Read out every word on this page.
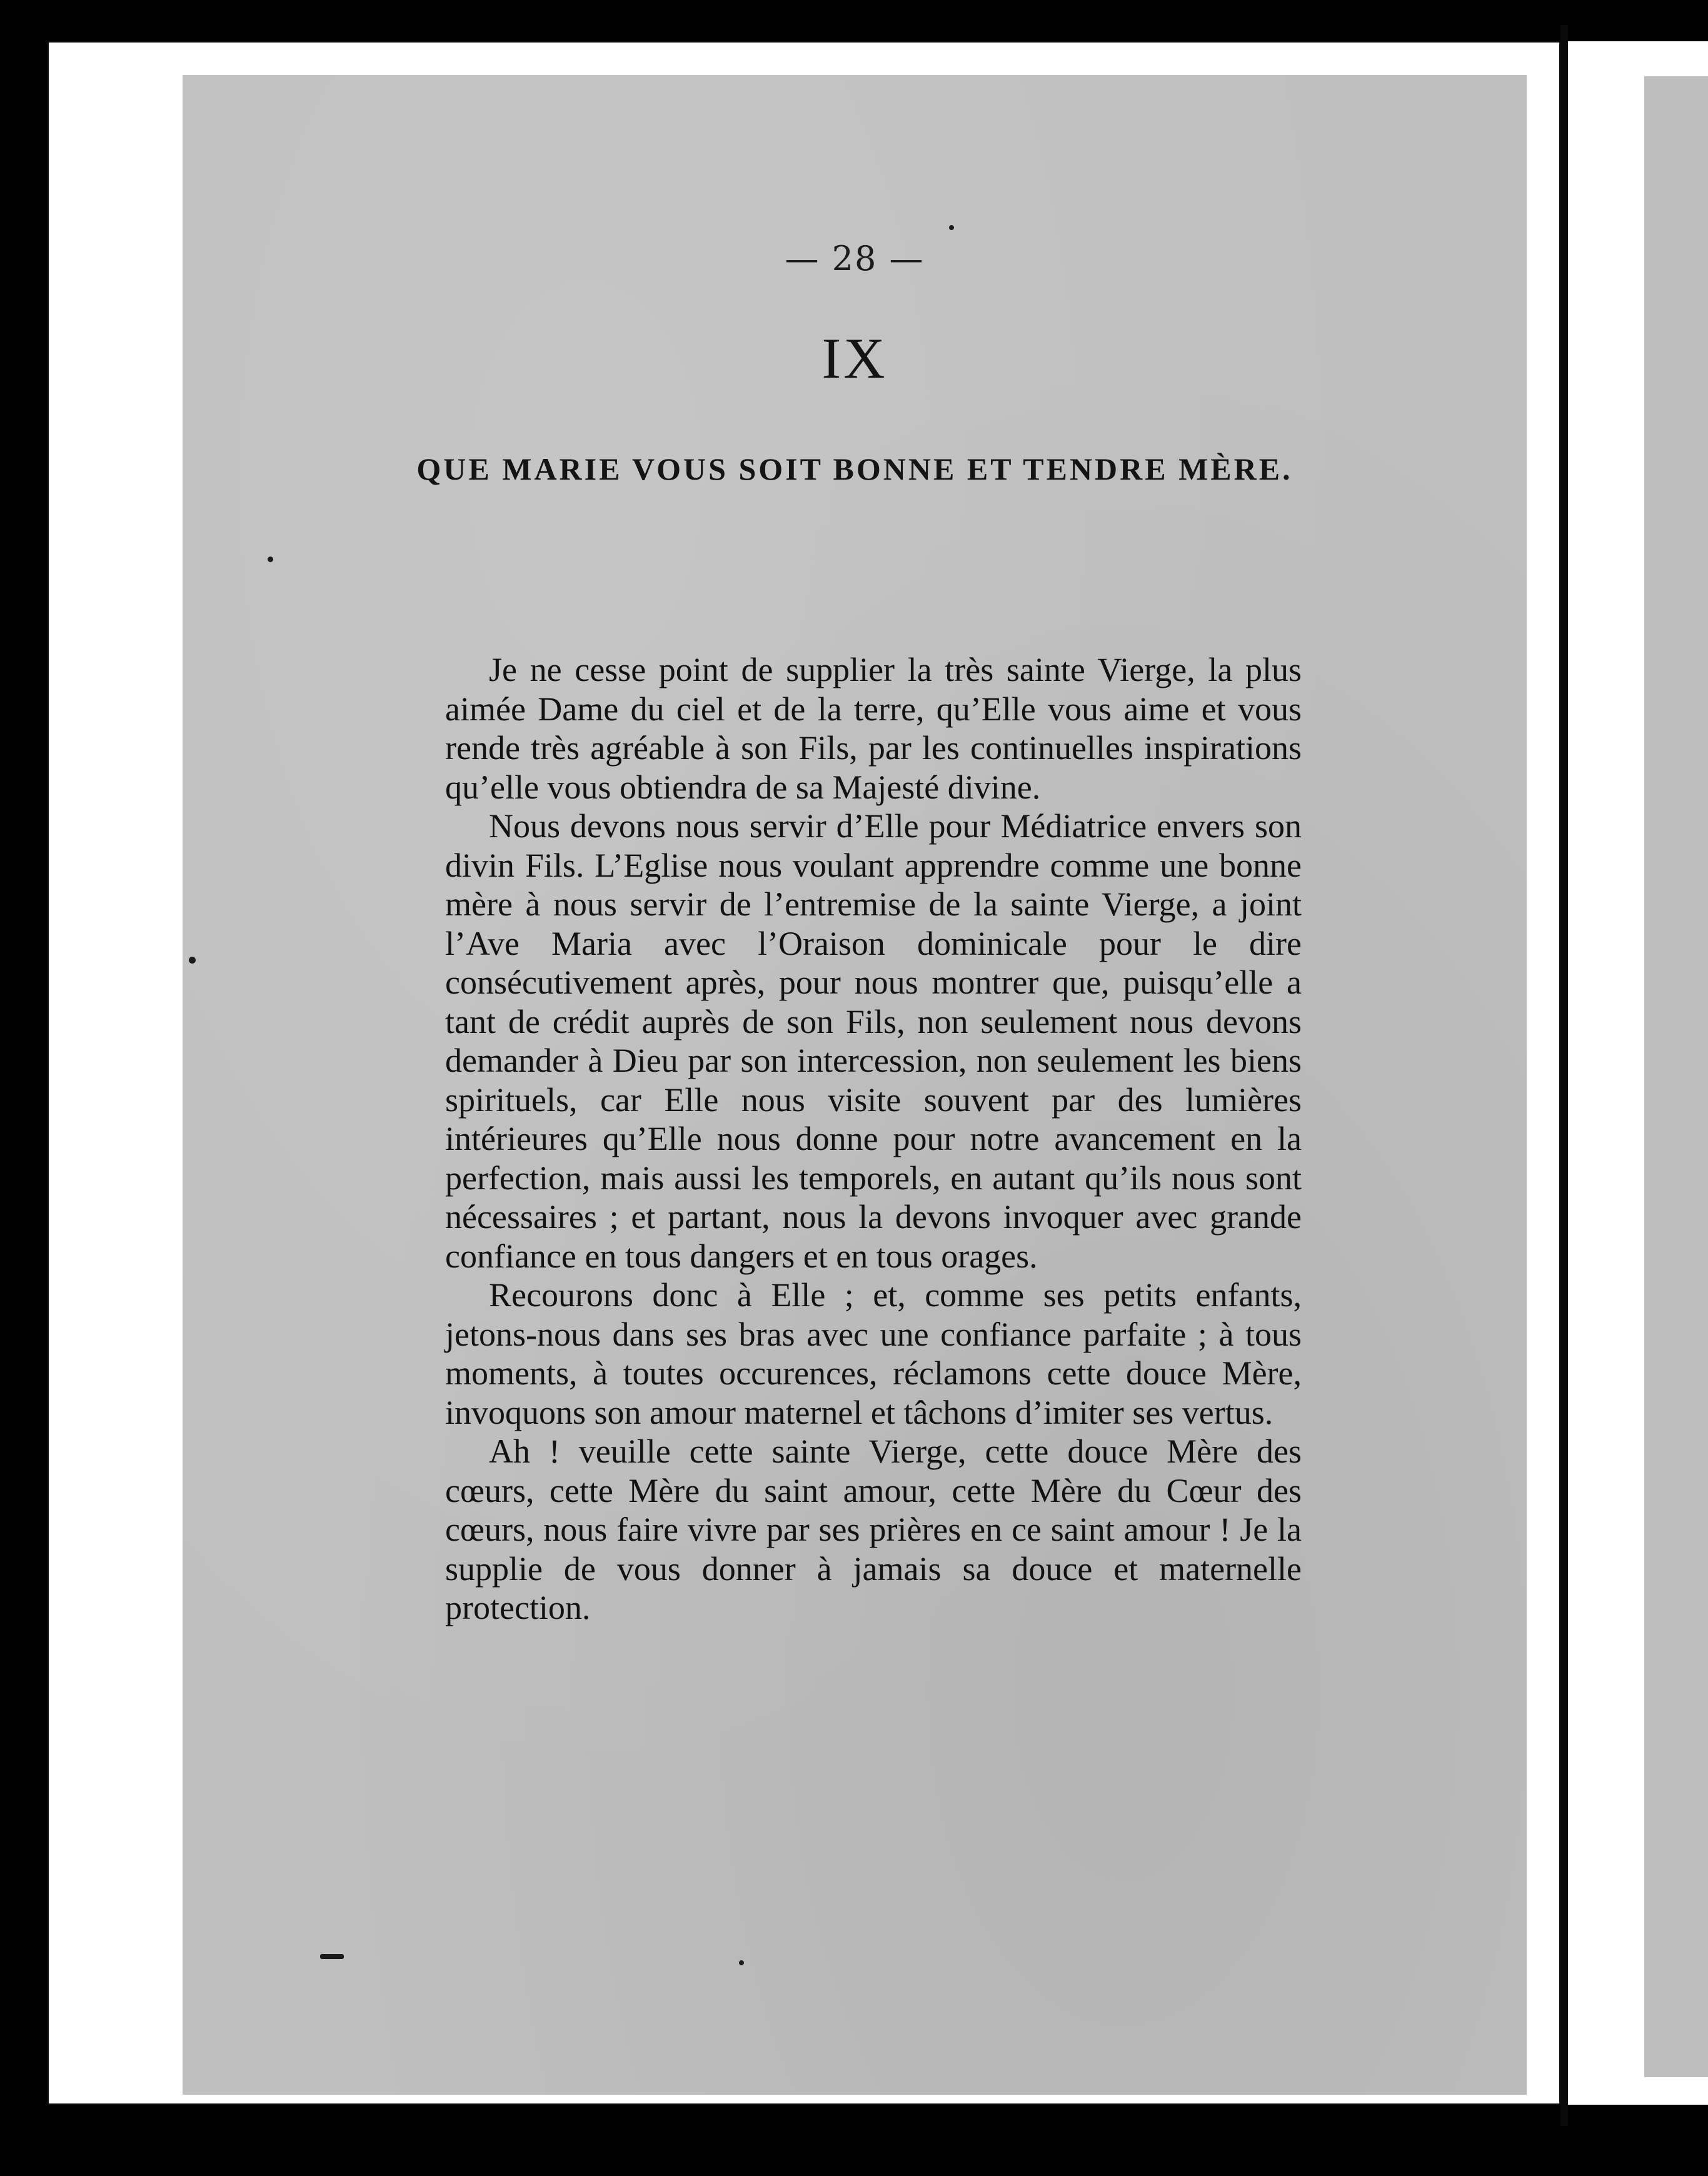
— 28 —
IX
QUE MARIE VOUS SOIT BONNE ET TENDRE MÈRE.

Je ne cesse point de supplier la très sainte Vierge, la plus aimée Dame du ciel et de la terre, qu’Elle vous aime et vous rende très agréable à son Fils, par les continuelles inspirations qu’elle vous obtiendra de sa Majesté divine.

Nous devons nous servir d’Elle pour Médiatrice envers son divin Fils. L’Eglise nous voulant apprendre comme une bonne mère à nous servir de l’entremise de la sainte Vierge, a joint l’Ave Maria avec l’Oraison dominicale pour le dire consécutivement après, pour nous montrer que, puisqu’elle a tant de crédit auprès de son Fils, non seulement nous devons demander à Dieu par son intercession, non seulement les biens spirituels, car Elle nous visite souvent par des lumières intérieures qu’Elle nous donne pour notre avancement en la perfection, mais aussi les temporels, en autant qu’ils nous sont nécessaires ; et partant, nous la devons invoquer avec grande confiance en tous dangers et en tous orages.

Recourons donc à Elle ; et, comme ses petits enfants, jetons-nous dans ses bras avec une confiance parfaite ; à tous moments, à toutes occurences, réclamons cette douce Mère, invoquons son amour maternel et tâchons d’imiter ses vertus.

Ah ! veuille cette sainte Vierge, cette douce Mère des cœurs, cette Mère du saint amour, cette Mère du Cœur des cœurs, nous faire vivre par ses prières en ce saint amour ! Je la supplie de vous donner à jamais sa douce et maternelle protection.
